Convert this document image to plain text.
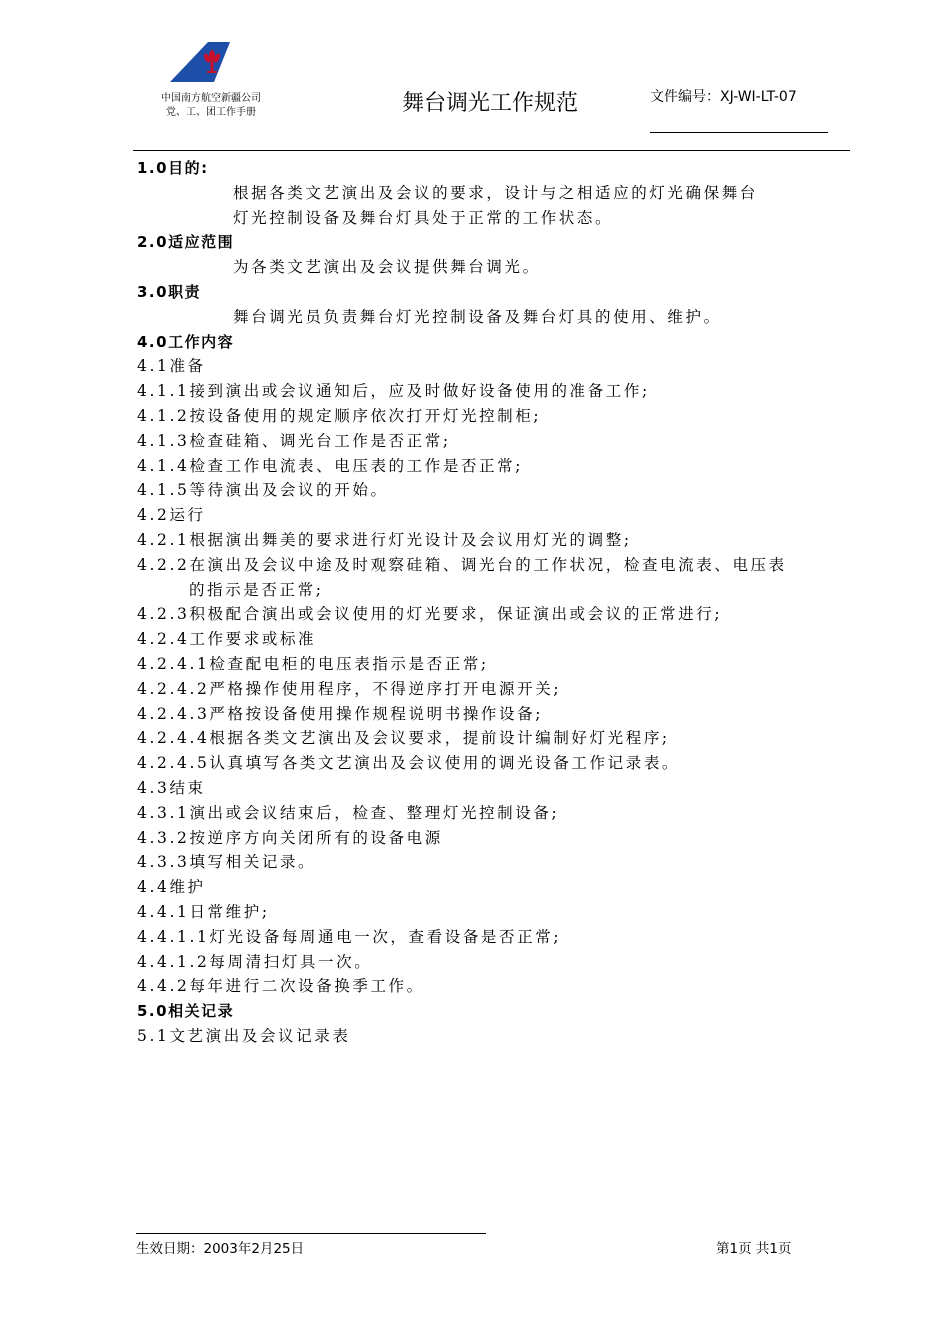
中国南方航空新疆公司
党、工、团工作手册	舞台调光工作规范	文件编号：XJ-WI-LT-07
1.0目的:
根据各类文艺演出及会议的要求，设计与之相适应的灯光确保舞台
灯光控制设备及舞台灯具处于正常的工作状态。
2.0适应范围
为各类文艺演出及会议提供舞台调光。
3.0职责
舞台调光员负责舞台灯光控制设备及舞台灯具的使用、维护。
4.0工作内容
4.1准备
4.1.1接到演出或会议通知后，应及时做好设备使用的准备工作;
4.1.2按设备使用的规定顺序依次打开灯光控制柜;
4.1.3检查硅箱、调光台工作是否正常;
4.1.4检查工作电流表、电压表的工作是否正常;
4.1.5等待演出及会议的开始。
4.2运行
4.2.1根据演出舞美的要求进行灯光设计及会议用灯光的调整;
4.2.2在演出及会议中途及时观察硅箱、调光台的工作状况，检查电流表、电压表
的指示是否正常;
4.2.3积极配合演出或会议使用的灯光要求，保证演出或会议的正常进行;
4.2.4工作要求或标准
4.2.4.1检查配电柜的电压表指示是否正常;
4.2.4.2严格操作使用程序，不得逆序打开电源开关;
4.2.4.3严格按设备使用操作规程说明书操作设备;
4.2.4.4根据各类文艺演出及会议要求，提前设计编制好灯光程序;
4.2.4.5认真填写各类文艺演出及会议使用的调光设备工作记录表。
4.3结束
4.3.1演出或会议结束后，检查、整理灯光控制设备;
4.3.2按逆序方向关闭所有的设备电源
4.3.3填写相关记录。
4.4维护
4.4.1日常维护;
4.4.1.1灯光设备每周通电一次，查看设备是否正常;
4.4.1.2每周清扫灯具一次。
4.4.2每年进行二次设备换季工作。
5.0相关记录
5.1文艺演出及会议记录表
生效日期：2003年2月25日	第1页 共1页
